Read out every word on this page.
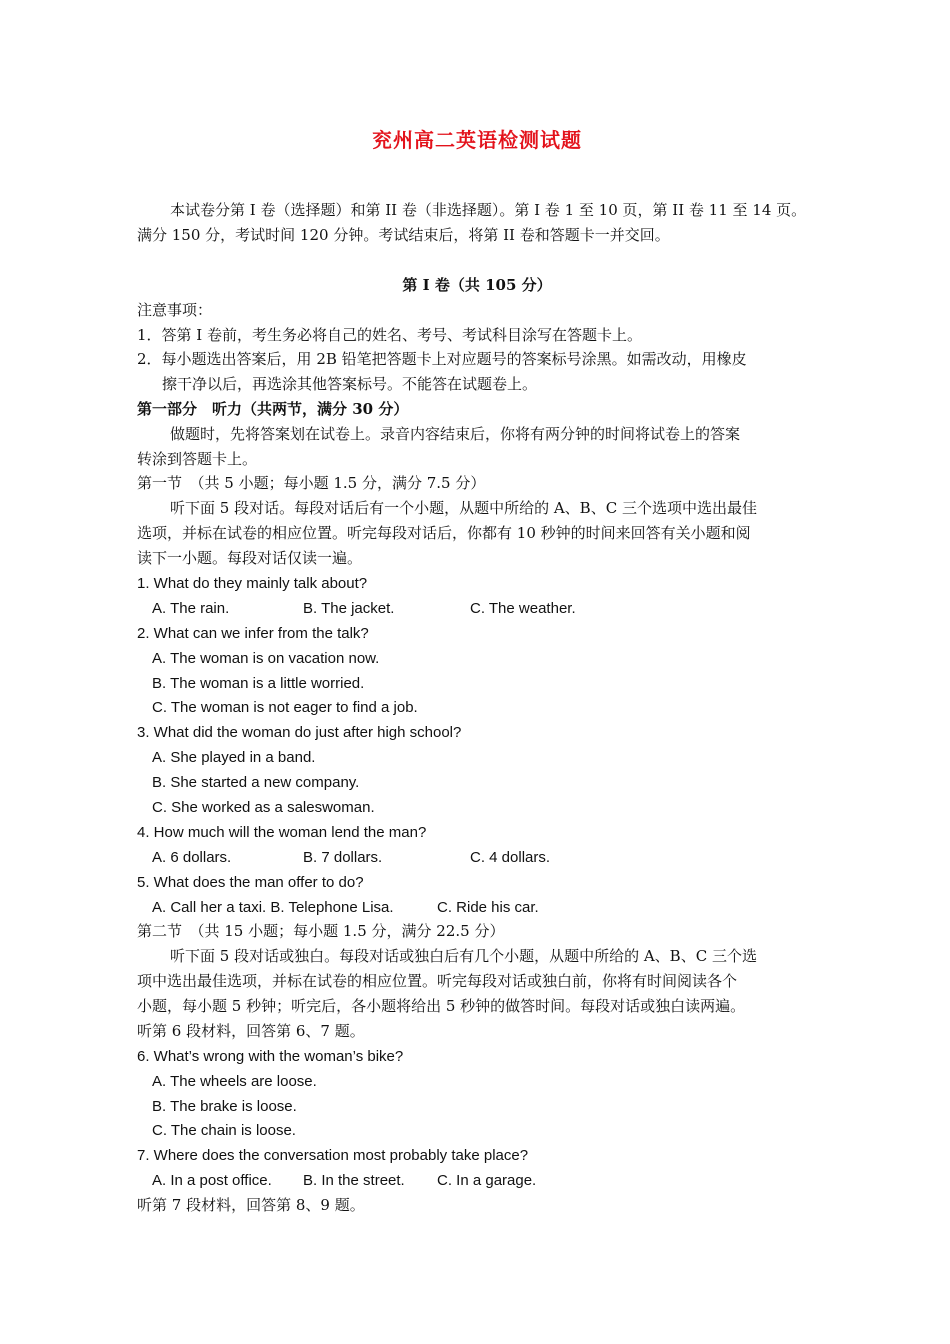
兖州高二英语检测试题
本试卷分第 I 卷（选择题）和第 II 卷（非选择题）。第 I 卷 1 至 10 页，第 II 卷 11 至 14 页。
满分 150 分，考试时间 120 分钟。考试结束后，将第 II 卷和答题卡一并交回。
第 I 卷（共 105 分）
注意事项：
1．答第 I 卷前，考生务必将自己的姓名、考号、考试科目涂写在答题卡上。
2．每小题选出答案后，用 2B 铅笔把答题卡上对应题号的答案标号涂黑。如需改动，用橡皮
擦干净以后，再选涂其他答案标号。不能答在试题卷上。
第一部分　听力（共两节，满分 30 分）
做题时，先将答案划在试卷上。录音内容结束后，你将有两分钟的时间将试卷上的答案
转涂到答题卡上。
第一节　（共 5 小题；每小题 1.5 分，满分 7.5 分）
听下面 5 段对话。每段对话后有一个小题，从题中所给的 A、B、C 三个选项中选出最佳
选项，并标在试卷的相应位置。听完每段对话后，你都有 10 秒钟的时间来回答有关小题和阅
读下一小题。每段对话仅读一遍。
1. What do they mainly talk about?
A. The rain.	B. The jacket.	C. The weather.
2. What can we infer from the talk?
A. The woman is on vacation now.
B. The woman is a little worried.
C. The woman is not eager to find a job.
3. What did the woman do just after high school?
A. She played in a band.
B. She started a new company.
C. She worked as a saleswoman.
4. How much will the woman lend the man?
A. 6 dollars.	B. 7 dollars.	C. 4 dollars.
5. What does the man offer to do?
A. Call her a taxi. B. Telephone Lisa.	C. Ride his car.
第二节　（共 15 小题；每小题 1.5 分，满分 22.5 分）
听下面 5 段对话或独白。每段对话或独白后有几个小题，从题中所给的 A、B、C 三个选
项中选出最佳选项，并标在试卷的相应位置。听完每段对话或独白前，你将有时间阅读各个
小题，每小题 5 秒钟；听完后，各小题将给出 5 秒钟的做答时间。每段对话或独白读两遍。
听第 6 段材料，回答第 6、7 题。
6. What’s wrong with the woman’s bike?
A. The wheels are loose.
B. The brake is loose.
C. The chain is loose.
7. Where does the conversation most probably take place?
A. In a post office. B. In the street. C. In a garage.
听第 7 段材料，回答第 8、9 题。
